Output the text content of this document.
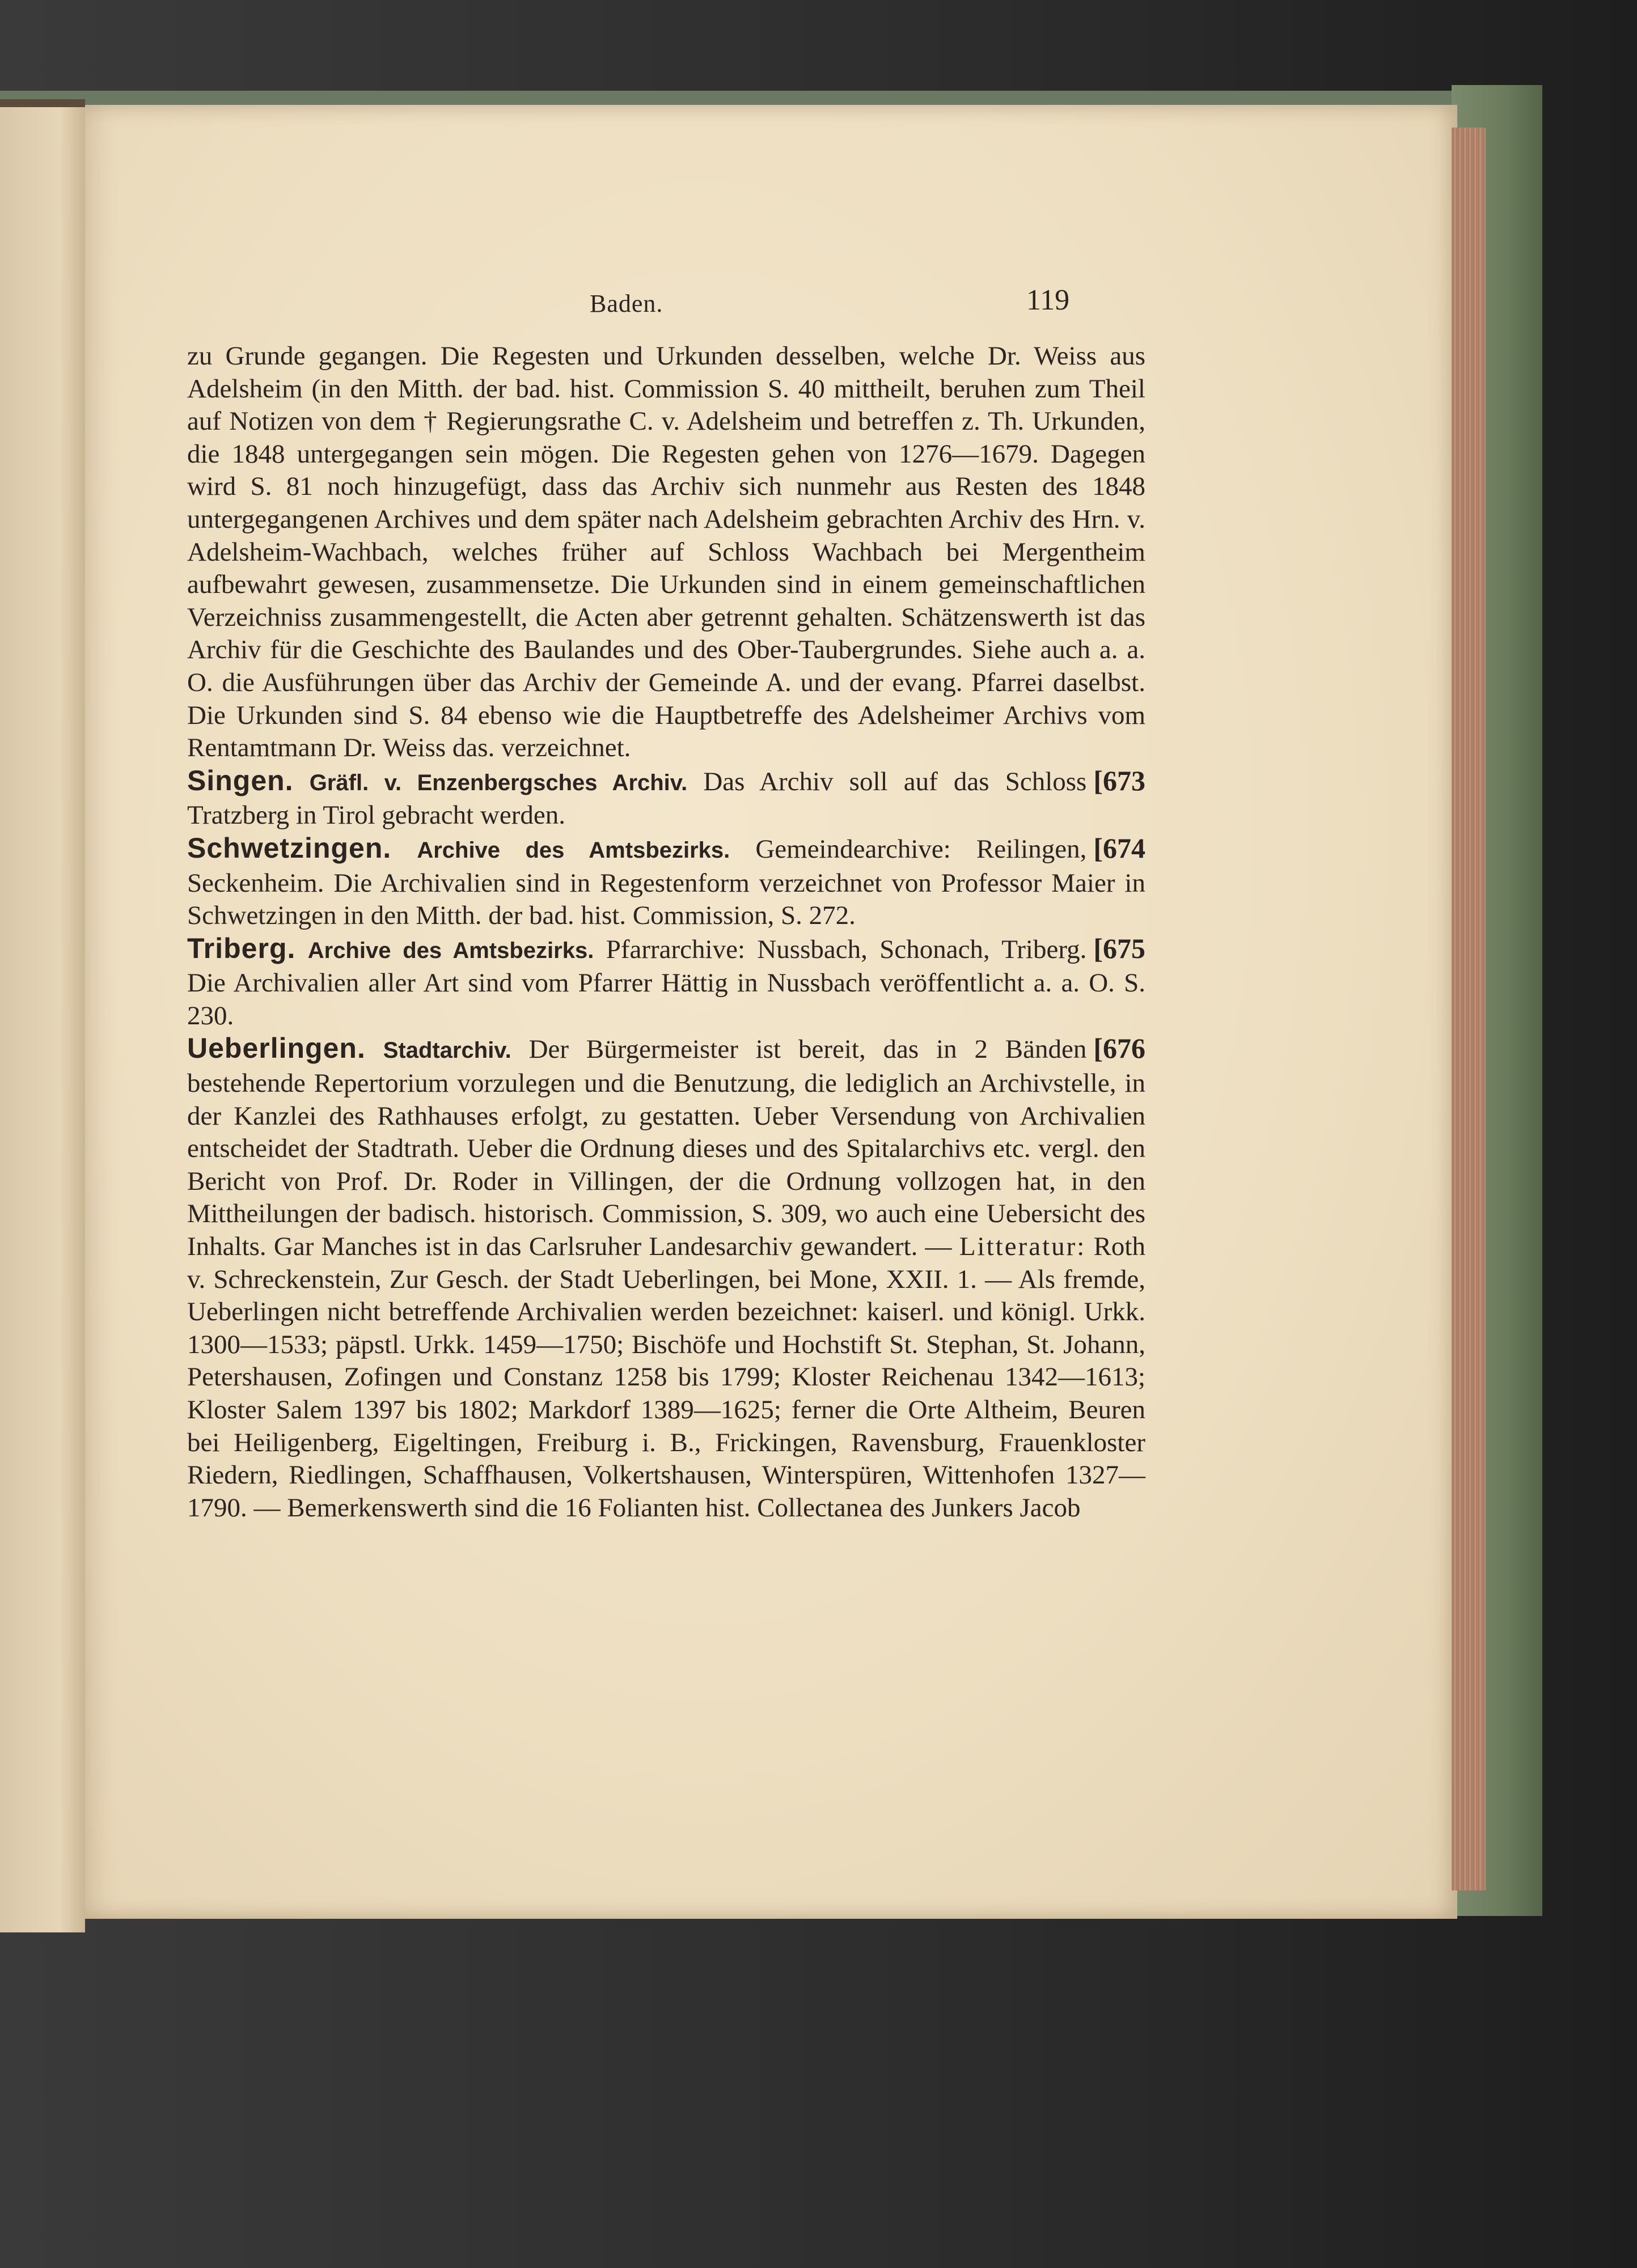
Baden.	119

zu Grunde gegangen. Die Regesten und Urkunden desselben, welche Dr. Weiss aus Adelsheim (in den Mitth. der bad. hist. Commission S. 40 mittheilt, beruhen zum Theil auf Notizen von dem † Regierungsrathe C. v. Adelsheim und betreffen z. Th. Urkunden, die 1848 untergegangen sein mögen. Die Regesten gehen von 1276—1679. Dagegen wird S. 81 noch hinzugefügt, dass das Archiv sich nunmehr aus Resten des 1848 untergegangenen Archives und dem später nach Adelsheim gebrachten Archiv des Hrn. v. Adelsheim-Wachbach, welches früher auf Schloss Wachbach bei Mergentheim aufbewahrt gewesen, zusammensetze. Die Urkunden sind in einem gemeinschaftlichen Verzeichniss zusammengestellt, die Acten aber getrennt gehalten. Schätzenswerth ist das Archiv für die Geschichte des Baulandes und des Ober-Taubergrundes. Siehe auch a. a. O. die Ausführungen über das Archiv der Gemeinde A. und der evang. Pfarrei daselbst. Die Urkunden sind S. 84 ebenso wie die Hauptbetreffe des Adelsheimer Archivs vom Rentamtmann Dr. Weiss das. verzeichnet.

[673
Singen. Gräfl. v. Enzenbergsches Archiv. Das Archiv soll auf das Schloss Tratzberg in Tirol gebracht werden.

[674
Schwetzingen. Archive des Amtsbezirks. Gemeindearchive: Reilingen, Seckenheim. Die Archivalien sind in Regestenform verzeichnet von Professor Maier in Schwetzingen in den Mitth. der bad. hist. Commission, S. 272.

[675
Triberg. Archive des Amtsbezirks. Pfarrarchive: Nussbach, Schonach, Triberg. Die Archivalien aller Art sind vom Pfarrer Hättig in Nussbach veröffentlicht a. a. O. S. 230.

[676
Ueberlingen. Stadtarchiv. Der Bürgermeister ist bereit, das in 2 Bänden bestehende Repertorium vorzulegen und die Benutzung, die lediglich an Archivstelle, in der Kanzlei des Rathhauses erfolgt, zu gestatten. Ueber Versendung von Archivalien entscheidet der Stadtrath. Ueber die Ordnung dieses und des Spitalarchivs etc. vergl. den Bericht von Prof. Dr. Roder in Villingen, der die Ordnung vollzogen hat, in den Mittheilungen der badisch. historisch. Commission, S. 309, wo auch eine Uebersicht des Inhalts. Gar Manches ist in das Carlsruher Landesarchiv gewandert. — Litteratur: Roth v. Schreckenstein, Zur Gesch. der Stadt Ueberlingen, bei Mone, XXII. 1. — Als fremde, Ueberlingen nicht betreffende Archivalien werden bezeichnet: kaiserl. und königl. Urkk. 1300—1533; päpstl. Urkk. 1459—1750; Bischöfe und Hochstift St. Stephan, St. Johann, Petershausen, Zofingen und Constanz 1258 bis 1799; Kloster Reichenau 1342—1613; Kloster Salem 1397 bis 1802; Markdorf 1389—1625; ferner die Orte Altheim, Beuren bei Heiligenberg, Eigeltingen, Freiburg i. B., Frickingen, Ravensburg, Frauenkloster Riedern, Riedlingen, Schaffhausen, Volkertshausen, Winterspüren, Wittenhofen 1327—1790. — Bemerkenswerth sind die 16 Folianten hist. Collectanea des Junkers Jacob
